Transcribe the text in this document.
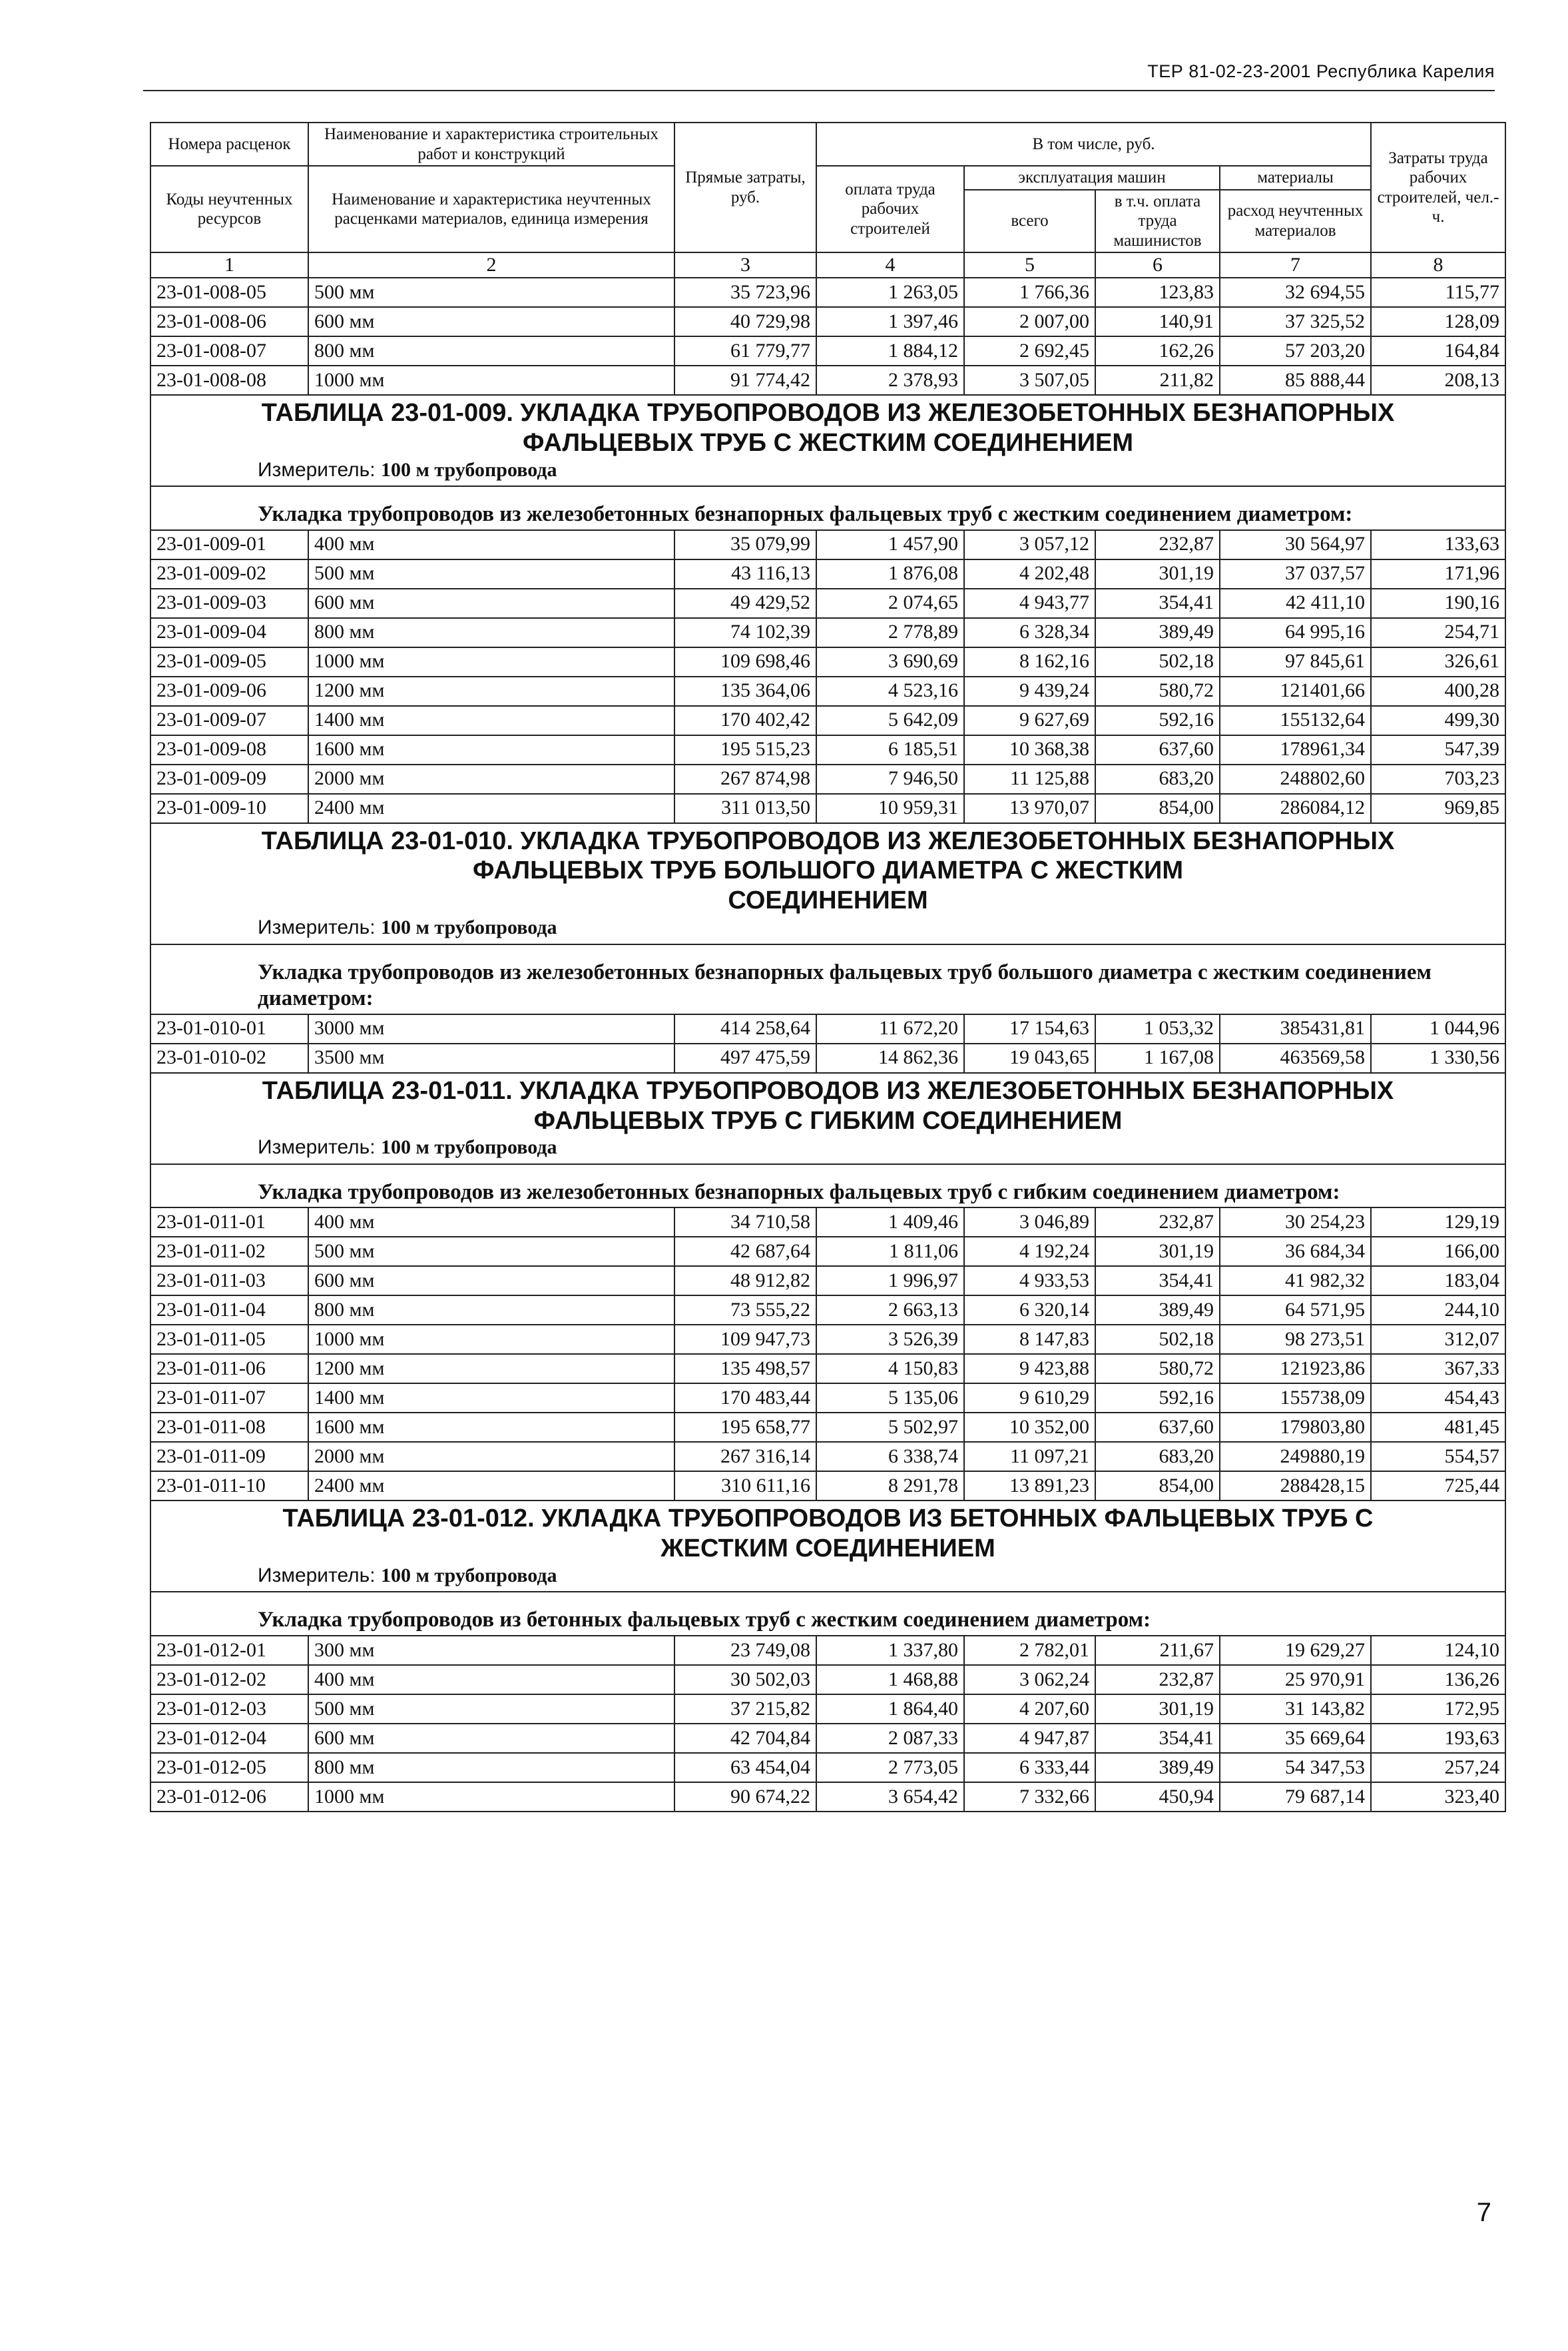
ТЕР 81-02-23-2001 Республика Карелия
Номера расценок	Наименование и характеристика строительных работ и конструкций	Прямые затраты, руб.	В том числе, руб.				Затраты труда рабочих строителей, чел.-ч.
Коды неучтенных ресурсов	Наименование и характеристика неучтенных расценками материалов, единица измерения		оплата труда рабочих строителей	эксплуатация машин		материалы	
				всего	в т.ч. оплата труда машинистов	расход неучтенных материалов	
1	2	3	4	5	6	7	8
23-01-008-05	500 мм	35 723,96	1 263,05	1 766,36	123,83	32 694,55	115,77
23-01-008-06	600 мм	40 729,98	1 397,46	2 007,00	140,91	37 325,52	128,09
23-01-008-07	800 мм	61 779,77	1 884,12	2 692,45	162,26	57 203,20	164,84
23-01-008-08	1000 мм	91 774,42	2 378,93	3 507,05	211,82	85 888,44	208,13

ТАБЛИЦА 23-01-009. УКЛАДКА ТРУБОПРОВОДОВ ИЗ ЖЕЛЕЗОБЕТОННЫХ БЕЗНАПОРНЫХ
ФАЛЬЦЕВЫХ ТРУБ С ЖЕСТКИМ СОЕДИНЕНИЕМ
Измеритель: 100 м трубопровода							

Укладка трубопроводов из железобетонных безнапорных фальцевых труб с жестким соединением диаметром:							
23-01-009-01	400 мм	35 079,99	1 457,90	3 057,12	232,87	30 564,97	133,63
23-01-009-02	500 мм	43 116,13	1 876,08	4 202,48	301,19	37 037,57	171,96
23-01-009-03	600 мм	49 429,52	2 074,65	4 943,77	354,41	42 411,10	190,16
23-01-009-04	800 мм	74 102,39	2 778,89	6 328,34	389,49	64 995,16	254,71
23-01-009-05	1000 мм	109 698,46	3 690,69	8 162,16	502,18	97 845,61	326,61
23-01-009-06	1200 мм	135 364,06	4 523,16	9 439,24	580,72	121401,66	400,28
23-01-009-07	1400 мм	170 402,42	5 642,09	9 627,69	592,16	155132,64	499,30
23-01-009-08	1600 мм	195 515,23	6 185,51	10 368,38	637,60	178961,34	547,39
23-01-009-09	2000 мм	267 874,98	7 946,50	11 125,88	683,20	248802,60	703,23
23-01-009-10	2400 мм	311 013,50	10 959,31	13 970,07	854,00	286084,12	969,85

ТАБЛИЦА 23-01-010. УКЛАДКА ТРУБОПРОВОДОВ ИЗ ЖЕЛЕЗОБЕТОННЫХ БЕЗНАПОРНЫХ
ФАЛЬЦЕВЫХ ТРУБ БОЛЬШОГО ДИАМЕТРА С ЖЕСТКИМ
СОЕДИНЕНИЕМ
Измеритель: 100 м трубопровода							

Укладка трубопроводов из железобетонных безнапорных фальцевых труб большого диаметра с жестким соединением диаметром:							
23-01-010-01	3000 мм	414 258,64	11 672,20	17 154,63	1 053,32	385431,81	1 044,96
23-01-010-02	3500 мм	497 475,59	14 862,36	19 043,65	1 167,08	463569,58	1 330,56

ТАБЛИЦА 23-01-011. УКЛАДКА ТРУБОПРОВОДОВ ИЗ ЖЕЛЕЗОБЕТОННЫХ БЕЗНАПОРНЫХ
ФАЛЬЦЕВЫХ ТРУБ С ГИБКИМ СОЕДИНЕНИЕМ
Измеритель: 100 м трубопровода							

Укладка трубопроводов из железобетонных безнапорных фальцевых труб с гибким соединением диаметром:							
23-01-011-01	400 мм	34 710,58	1 409,46	3 046,89	232,87	30 254,23	129,19
23-01-011-02	500 мм	42 687,64	1 811,06	4 192,24	301,19	36 684,34	166,00
23-01-011-03	600 мм	48 912,82	1 996,97	4 933,53	354,41	41 982,32	183,04
23-01-011-04	800 мм	73 555,22	2 663,13	6 320,14	389,49	64 571,95	244,10
23-01-011-05	1000 мм	109 947,73	3 526,39	8 147,83	502,18	98 273,51	312,07
23-01-011-06	1200 мм	135 498,57	4 150,83	9 423,88	580,72	121923,86	367,33
23-01-011-07	1400 мм	170 483,44	5 135,06	9 610,29	592,16	155738,09	454,43
23-01-011-08	1600 мм	195 658,77	5 502,97	10 352,00	637,60	179803,80	481,45
23-01-011-09	2000 мм	267 316,14	6 338,74	11 097,21	683,20	249880,19	554,57
23-01-011-10	2400 мм	310 611,16	8 291,78	13 891,23	854,00	288428,15	725,44

ТАБЛИЦА 23-01-012. УКЛАДКА ТРУБОПРОВОДОВ ИЗ БЕТОННЫХ ФАЛЬЦЕВЫХ ТРУБ С
ЖЕСТКИМ СОЕДИНЕНИЕМ
Измеритель: 100 м трубопровода							

Укладка трубопроводов из бетонных фальцевых труб с жестким соединением диаметром:							
23-01-012-01	300 мм	23 749,08	1 337,80	2 782,01	211,67	19 629,27	124,10
23-01-012-02	400 мм	30 502,03	1 468,88	3 062,24	232,87	25 970,91	136,26
23-01-012-03	500 мм	37 215,82	1 864,40	4 207,60	301,19	31 143,82	172,95
23-01-012-04	600 мм	42 704,84	2 087,33	4 947,87	354,41	35 669,64	193,63
23-01-012-05	800 мм	63 454,04	2 773,05	6 333,44	389,49	54 347,53	257,24
23-01-012-06	1000 мм	90 674,22	3 654,42	7 332,66	450,94	79 687,14	323,40
7
